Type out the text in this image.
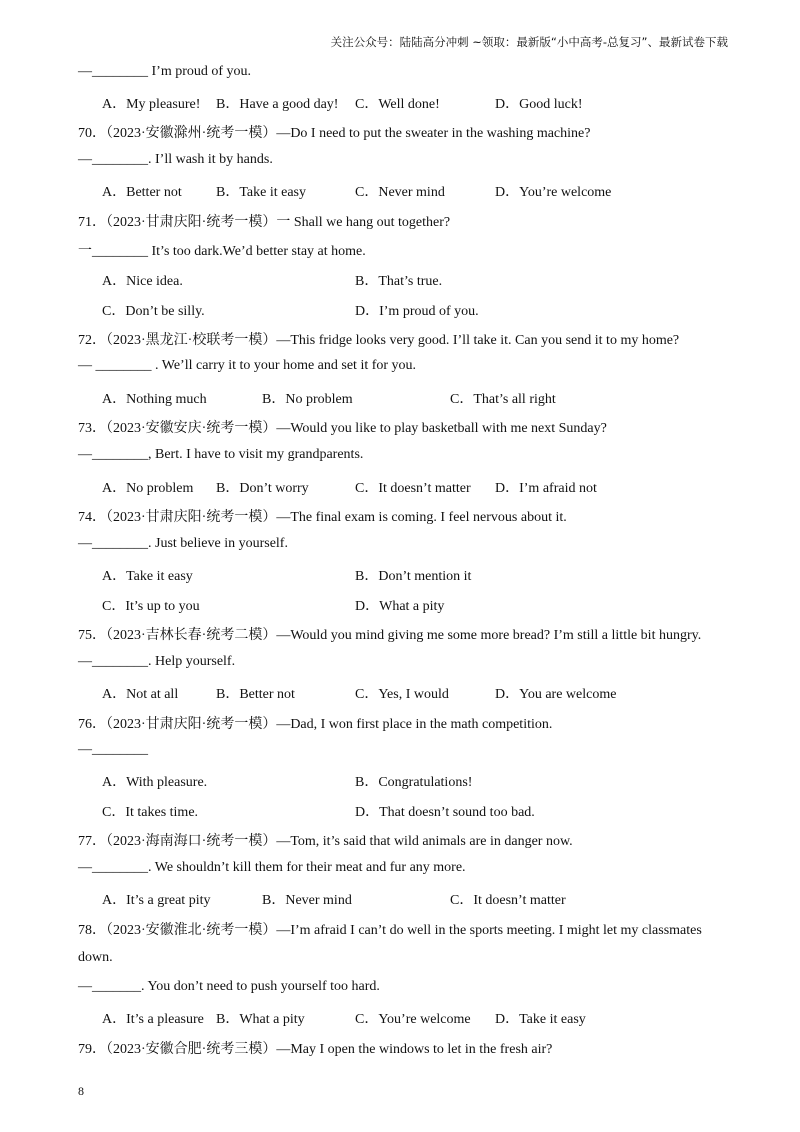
关注公众号：陆陆高分冲刺 ~领取：最新版“小中高考-总复习”、最新试卷下载
—________ I’m proud of you.
A．My pleasure! B．Have a good day! C．Well done!	D．Good luck!
70．（2023·安徽滁州·统考一模）—Do I need to put the sweater in the washing machine?
—________. I’ll wash it by hands.
A．Better not B．Take it easy	C．Never mind	D．You’re welcome
71．（2023·甘肃庆阳·统考一模）一 Shall we hang out together?
一________ It’s too dark.We’d better stay at home.
A．Nice idea.	B．That’s true.
C．Don’t be silly.	D．I’m proud of you.
72．（2023·黑龙江·校联考一模）—This fridge looks very good. I’ll take it. Can you send it to my home?
— ________ . We’ll carry it to your home and set it for you.
A．Nothing much	B．No problem	C．That’s all right
73．（2023·安徽安庆·统考一模）—Would you like to play basketball with me next Sunday?
—________, Bert. I have to visit my grandparents.
A．No problem B．Don’t worry	C．It doesn’t matter D．I’m afraid not
74．（2023·甘肃庆阳·统考一模）—The final exam is coming. I feel nervous about it.
—________. Just believe in yourself.
A．Take it easy	B．Don’t mention it
C．It’s up to you	D．What a pity
75．（2023·吉林长春·统考二模）—Would you mind giving me some more bread? I’m still a little bit hungry.
—________. Help yourself.
A．Not at all	B．Better not	C．Yes, I would	D．You are welcome
76．（2023·甘肃庆阳·统考一模）—Dad, I won first place in the math competition.
—________
A．With pleasure.	B．Congratulations!
C．It takes time.	D．That doesn’t sound too bad.
77．（2023·海南海口·统考一模）—Tom, it’s said that wild animals are in danger now.
—________. We shouldn’t kill them for their meat and fur any more.
A．It’s a great pity	B．Never mind	C．It doesn’t matter
78．（2023·安徽淮北·统考一模）—I’m afraid I can’t do well in the sports meeting. I might let my classmates
down.
—_______. You don’t need to push yourself too hard.
A．It’s a pleasure B．What a pity	C．You’re welcome D．Take it easy
79．（2023·安徽合肥·统考三模）—May I open the windows to let in the fresh air?
8
